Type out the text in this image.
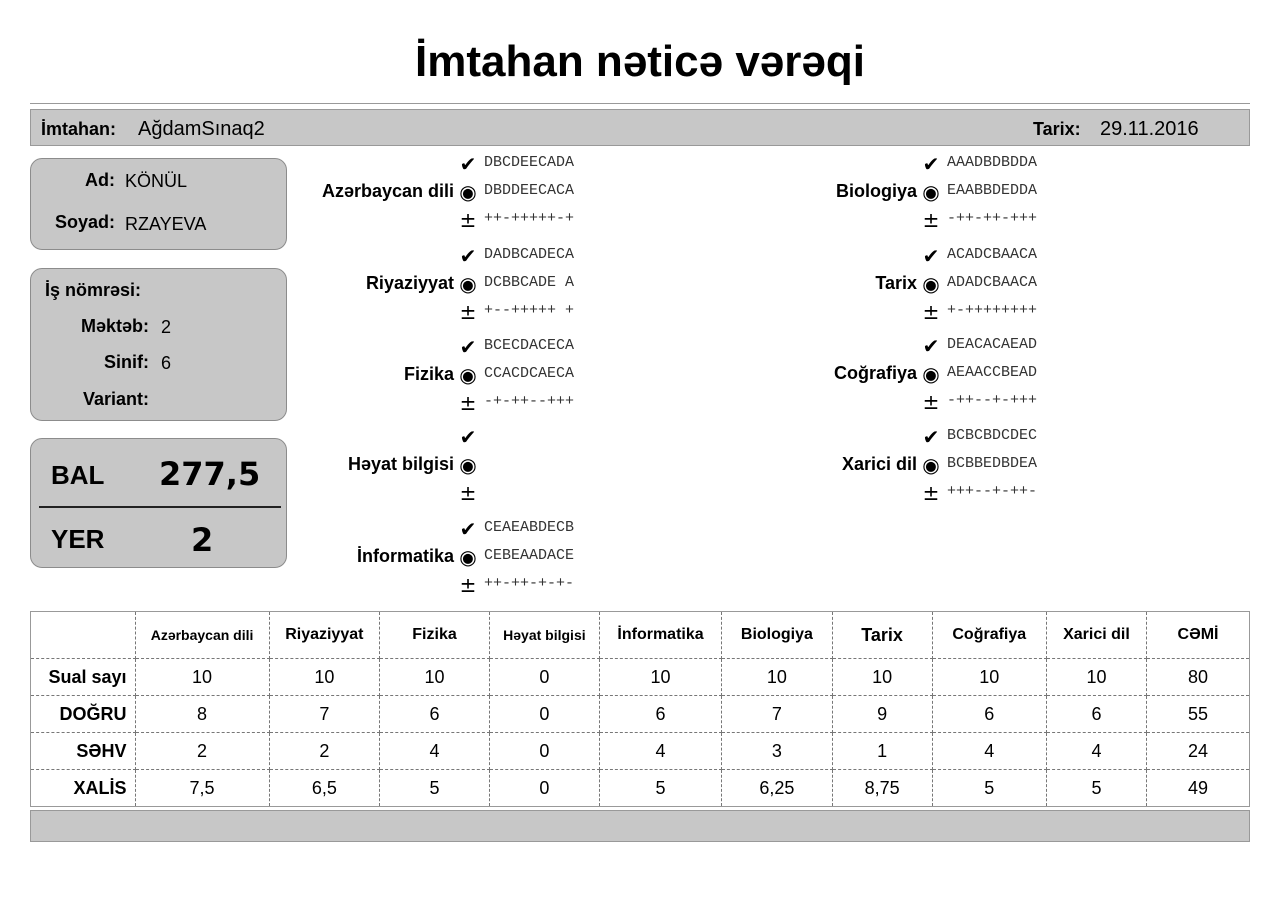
İmtahan nəticə vərəqi
İmtahan: AğdamSınaq2	Tarix: 29.11.2016
Ad: KÖNÜL
Soyad: RZAYEVA
İş nömrəsi:
Məktəb: 2
Sinif: 6
Variant:
BAL 277,5
YER	2
Azərbaycan dili
✔ DBCDEECADA
◉ DBDDEECACA
± ++-+++++-+
Riyaziyyat
✔ DADBCADECA
◉ DCBBCADE A
± +--+++++ +
Fizika
✔ BCECDACECA
◉ CCACDCAECA
± -+-++--+++
Həyat bilgisi
✔
◉
±
İnformatika
✔ CEAEABDECB
◉ CEBEAADACE
± ++-++-+-+-
Biologiya
✔ AAADBDBDDA
◉ EAABBDEDDA
± -++-++-+++
Tarix
✔ ACADCBAACA
◉ ADADCBAACA
± +-++++++++
Coğrafiya
✔ DEACACAEAD
◉ AEAACCBEAD
± -++--+-+++
Xarici dil
✔ BCBCBDCDEC
◉ BCBBEDBDEA
± +++--+-++-
	Azərbaycan dili	Riyaziyyat	Fizika	Həyat bilgisi	İnformatika	Biologiya	Tarix	Coğrafiya	Xarici dil	CƏMİ
Sual sayı	10	10	10	0	10	10	10	10	10	80
DOĞRU	8	7	6	0	6	7	9	6	6	55
SƏHV	2	2	4	0	4	3	1	4	4	24
XALİS	7,5	6,5	5	0	5	6,25	8,75	5	5	49
